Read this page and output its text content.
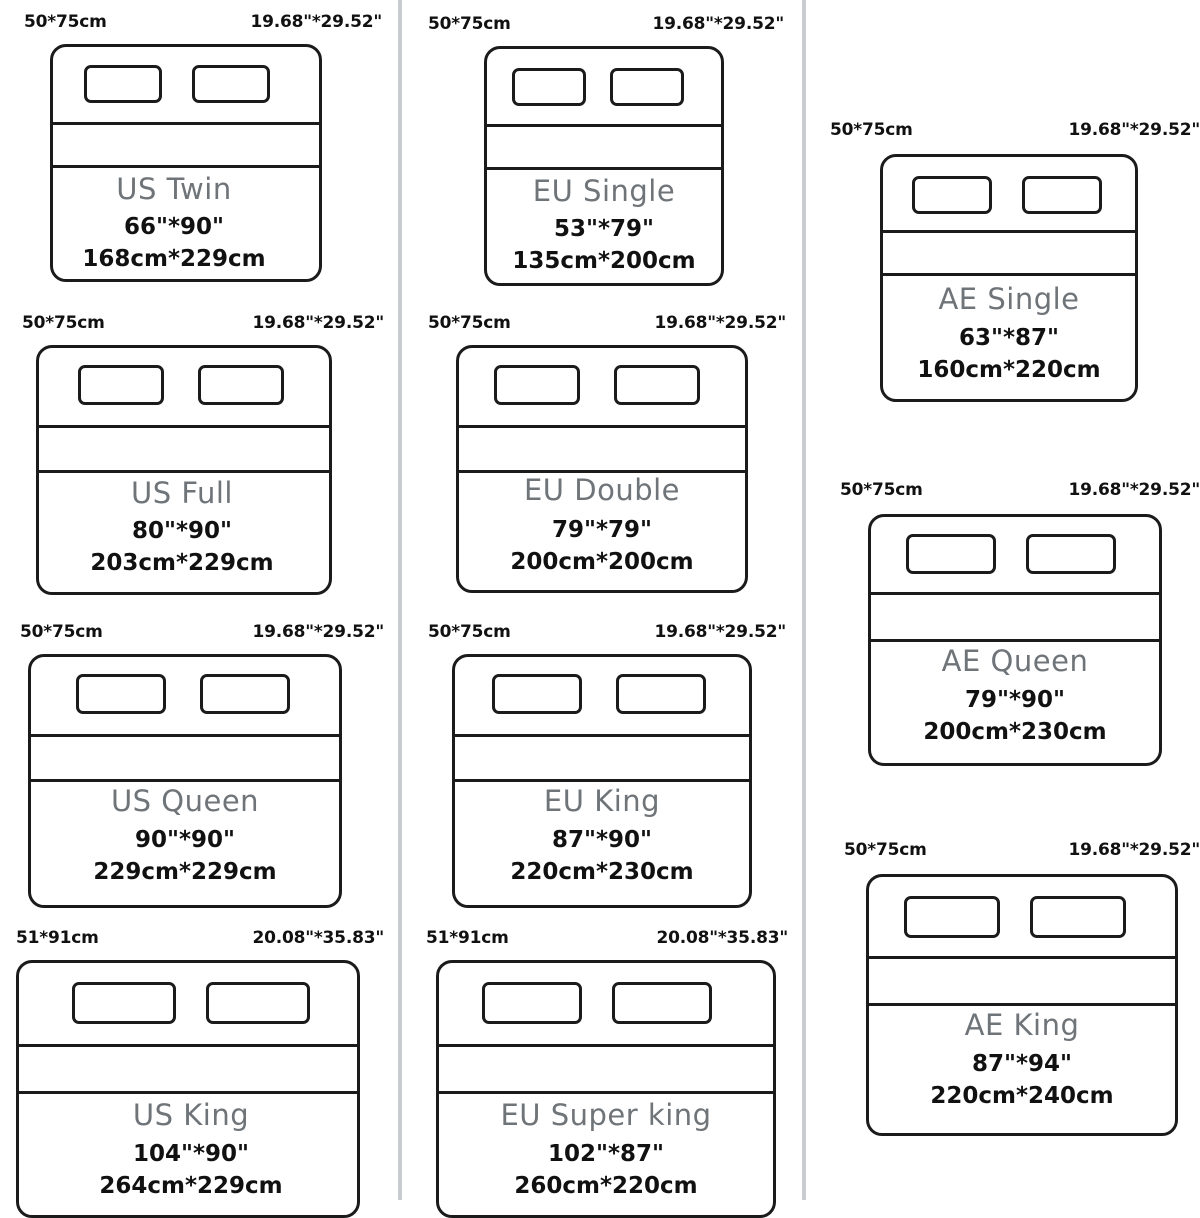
50*75cm	19.68"*29.52"
US Twin
66"*90"
168cm*229cm
50*75cm	19.68"*29.52"
US Full
80"*90"
203cm*229cm
50*75cm	19.68"*29.52"
US Queen
90"*90"
229cm*229cm
51*91cm	20.08"*35.83"
US King
104"*90"
264cm*229cm
50*75cm	19.68"*29.52"
EU Single
53"*79"
135cm*200cm
50*75cm	19.68"*29.52"
EU Double
79"*79"
200cm*200cm
50*75cm	19.68"*29.52"
EU King
87"*90"
220cm*230cm
51*91cm	20.08"*35.83"
EU Super king
102"*87"
260cm*220cm
50*75cm	19.68"*29.52"
AE Single
63"*87"
160cm*220cm
50*75cm	19.68"*29.52"
AE Queen
79"*90"
200cm*230cm
50*75cm	19.68"*29.52"
AE King
87"*94"
220cm*240cm
